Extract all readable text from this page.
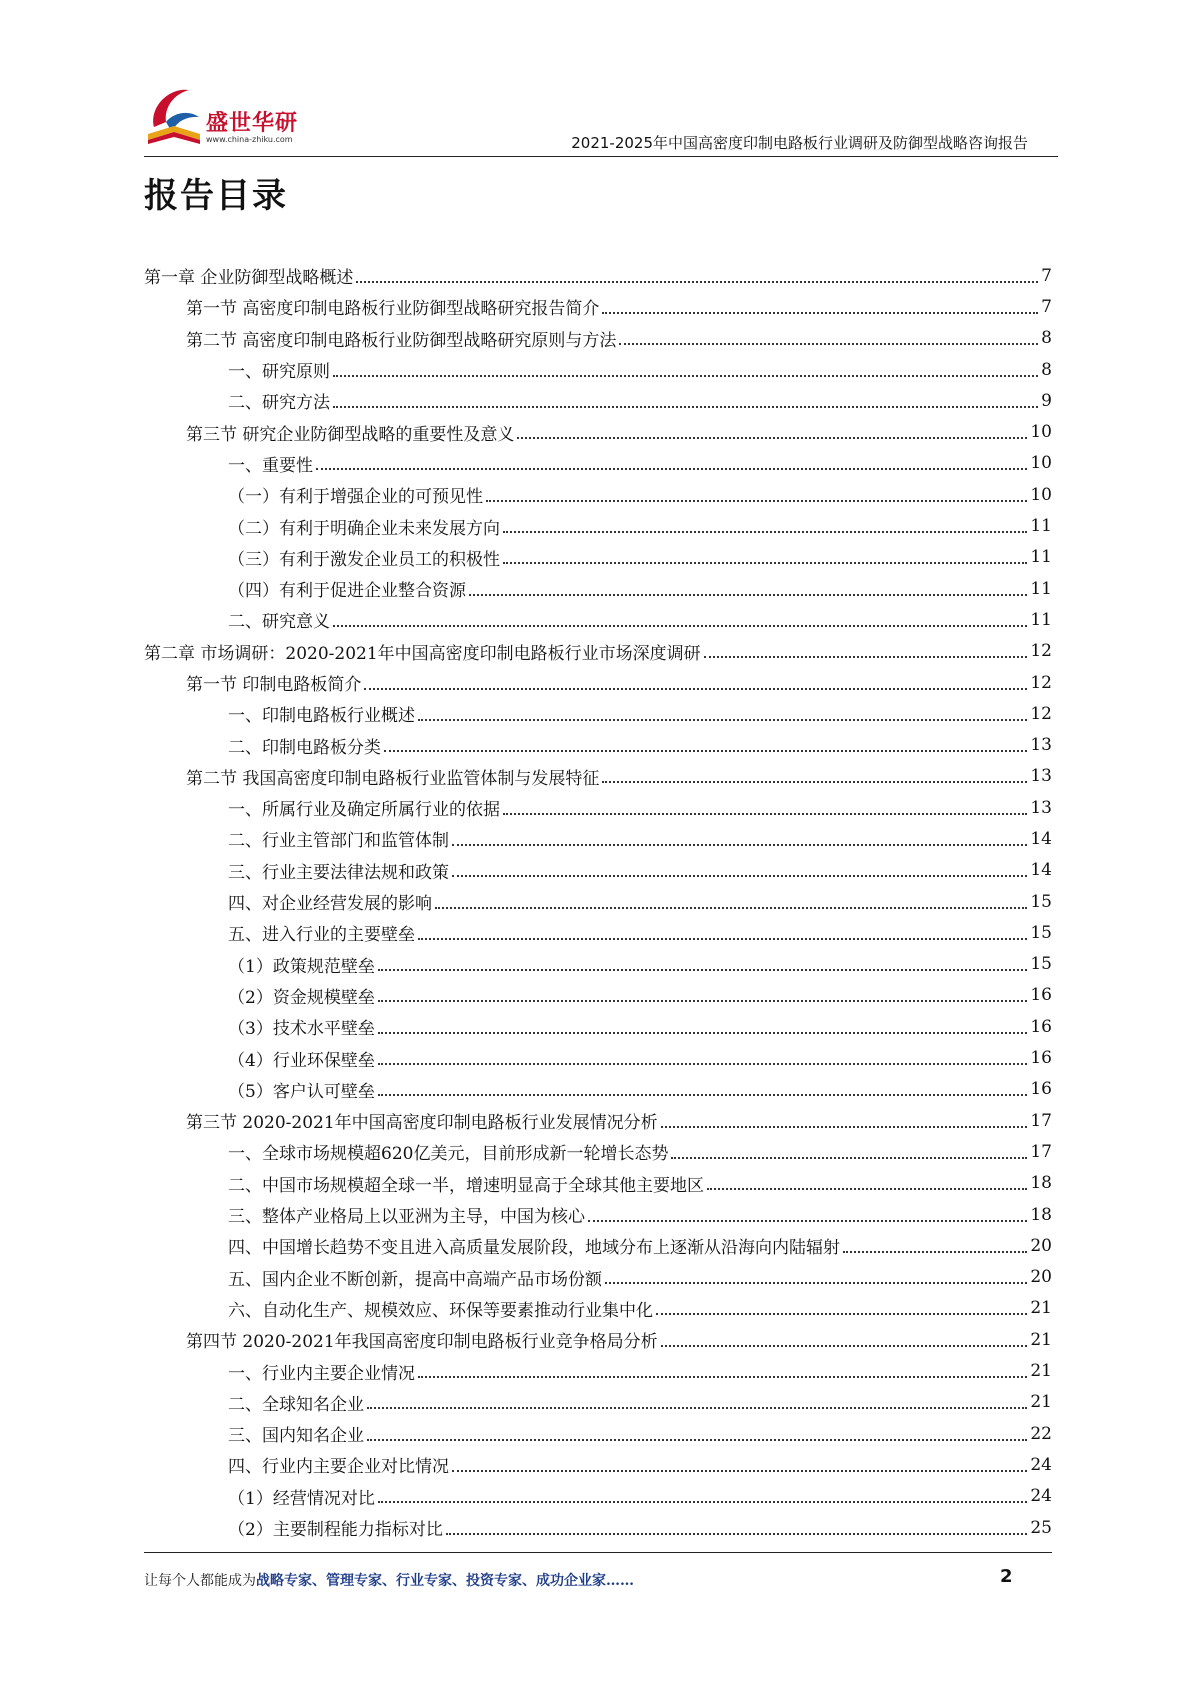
盛世华研
www.china-zhiku.com	2021-2025年中国高密度印制电路板行业调研及防御型战略咨询报告
报告目录
第一章 企业防御型战略概述	7
第一节 高密度印制电路板行业防御型战略研究报告简介	7
第二节 高密度印制电路板行业防御型战略研究原则与方法	8
一、研究原则	8
二、研究方法	9
第三节 研究企业防御型战略的重要性及意义	10
一、重要性	10
（一）有利于增强企业的可预见性	10
（二）有利于明确企业未来发展方向	11
（三）有利于激发企业员工的积极性	11
（四）有利于促进企业整合资源	11
二、研究意义	11
第二章 市场调研：2020-2021年中国高密度印制电路板行业市场深度调研	12
第一节 印制电路板简介	12
一、印制电路板行业概述	12
二、印制电路板分类	13
第二节 我国高密度印制电路板行业监管体制与发展特征	13
一、所属行业及确定所属行业的依据	13
二、行业主管部门和监管体制	14
三、行业主要法律法规和政策	14
四、对企业经营发展的影响	15
五、进入行业的主要壁垒	15
（1）政策规范壁垒	15
（2）资金规模壁垒	16
（3）技术水平壁垒	16
（4）行业环保壁垒	16
（5）客户认可壁垒	16
第三节 2020-2021年中国高密度印制电路板行业发展情况分析	17
一、全球市场规模超620亿美元，目前形成新一轮增长态势	17
二、中国市场规模超全球一半，增速明显高于全球其他主要地区	18
三、整体产业格局上以亚洲为主导，中国为核心	18
四、中国增长趋势不变且进入高质量发展阶段，地域分布上逐渐从沿海向内陆辐射	20
五、国内企业不断创新，提高中高端产品市场份额	20
六、自动化生产、规模效应、环保等要素推动行业集中化	21
第四节 2020-2021年我国高密度印制电路板行业竞争格局分析	21
一、行业内主要企业情况	21
二、全球知名企业	21
三、国内知名企业	22
四、行业内主要企业对比情况	24
（1）经营情况对比	24
（2）主要制程能力指标对比	25
让每个人都能成为战略专家、管理专家、行业专家、投资专家、成功企业家……	2
